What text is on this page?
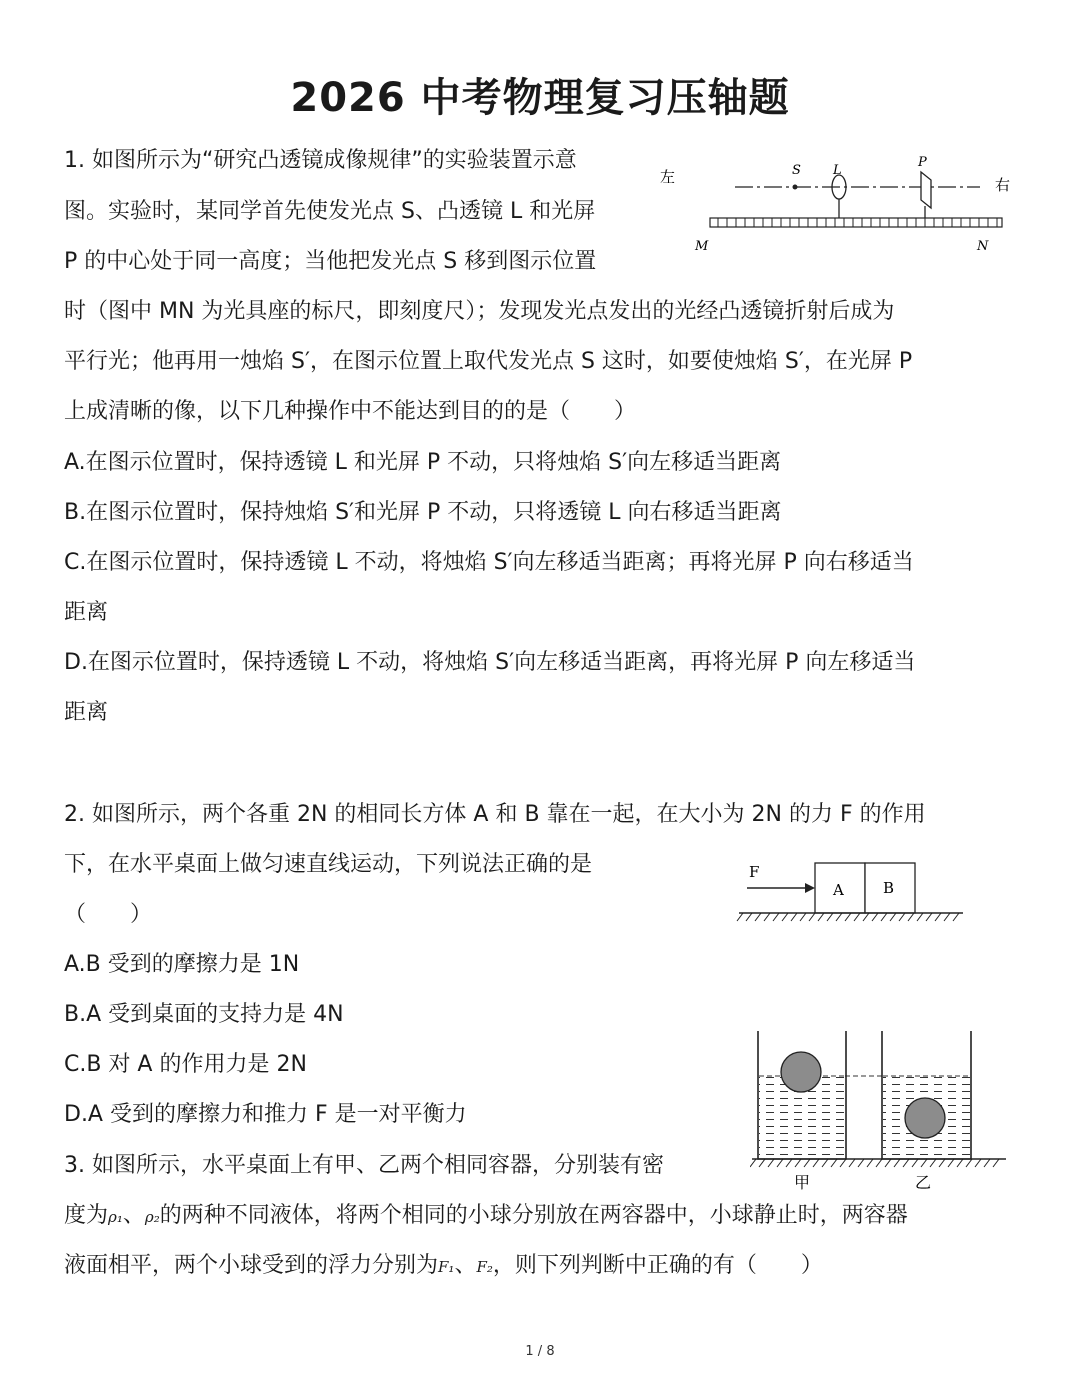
2026 中考物理复习压轴题
1. 如图所示为“研究凸透镜成像规律”的实验装置示意
图。实验时，某同学首先使发光点 S、凸透镜 L 和光屏
P 的中心处于同一高度；当他把发光点 S 移到图示位置
时（图中 MN 为光具座的标尺，即刻度尺）；发现发光点发出的光经凸透镜折射后成为
平行光；他再用一烛焰 S′，在图示位置上取代发光点 S 这时，如要使烛焰 S′，在光屏 P
上成清晰的像，以下几种操作中不能达到目的的是（　　）
A.在图示位置时，保持透镜 L 和光屏 P 不动，只将烛焰 S′向左移适当距离
B.在图示位置时，保持烛焰 S′和光屏 P 不动，只将透镜 L 向右移适当距离
C.在图示位置时，保持透镜 L 不动，将烛焰 S′向左移适当距离；再将光屏 P 向右移适当
距离
D.在图示位置时，保持透镜 L 不动，将烛焰 S′向左移适当距离，再将光屏 P 向左移适当
距离
左	右
S L
P
M	N
2. 如图所示，两个各重 2N 的相同长方体 A 和 B 靠在一起，在大小为 2N 的力 F 的作用
下，在水平桌面上做匀速直线运动，下列说法正确的是
（　　）
A.B 受到的摩擦力是 1N
B.A 受到桌面的支持力是 4N
C.B 对 A 的作用力是 2N
D.A 受到的摩擦力和推力 F 是一对平衡力
F
A	B
3. 如图所示，水平桌面上有甲、乙两个相同容器，分别装有密
度为ρ₁、ρ₂的两种不同液体，将两个相同的小球分别放在两容器中，小球静止时，两容器
液面相平，两个小球受到的浮力分别为F₁、F₂，则下列判断中正确的有（　　）
甲	乙
1 / 8
